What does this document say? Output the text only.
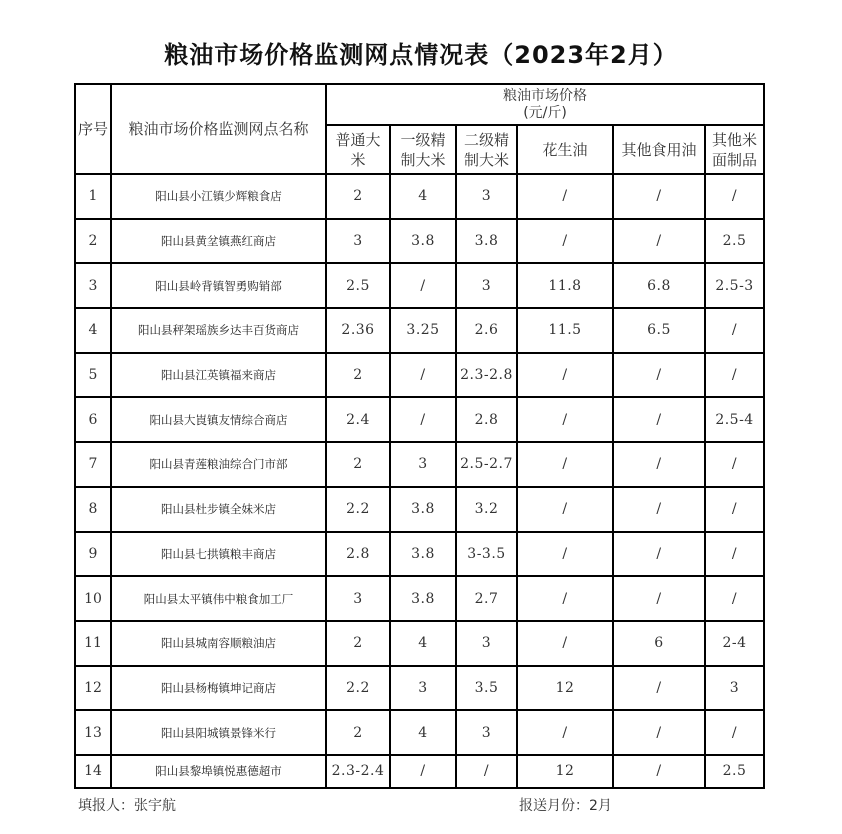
粮油市场价格监测网点情况表（2023年2月）
序号	粮油市场价格监测网点名称	粮油市场价格
(元/斤)					

		普通大米	一级精制大米	二级精制大米	花生油	其他食用油	其他米面制品
1	阳山县小江镇少辉粮食店	2	4	3	/	/	/
2	阳山县黄坌镇燕红商店	3	3.8	3.8	/	/	2.5
3	阳山县岭背镇智勇购销部	2.5	/	3	11.8	6.8	2.5-3
4	阳山县秤架瑶族乡达丰百货商店	2.36	3.25	2.6	11.5	6.5	/
5	阳山县江英镇福来商店	2	/	2.3-2.8	/	/	/
6	阳山县大崀镇友情综合商店	2.4	/	2.8	/	/	2.5-4
7	阳山县青莲粮油综合门市部	2	3	2.5-2.7	/	/	/
8	阳山县杜步镇全妹米店	2.2	3.8	3.2	/	/	/
9	阳山县七拱镇粮丰商店	2.8	3.8	3-3.5	/	/	/
10	阳山县太平镇伟中粮食加工厂	3	3.8	2.7	/	/	/
11	阳山县城南容顺粮油店	2	4	3	/	6	2-4
12	阳山县杨梅镇坤记商店	2.2	3	3.5	12	/	3
13	阳山县阳城镇景锋米行	2	4	3	/	/	/
14	阳山县黎埠镇悦惠德超市	2.3-2.4	/	/	12	/	2.5
填报人：张宇航	报送月份：2月
